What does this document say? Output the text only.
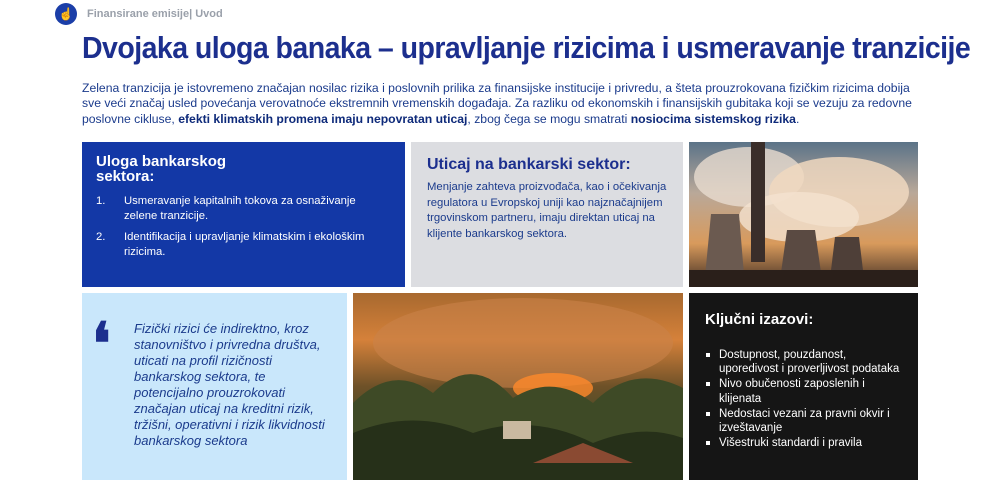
☝	Finansirane emisije| Uvod
Dvojaka uloga banaka – upravljanje rizicima i usmeravanje tranzicije

Zelena tranzicija je istovremeno značajan nosilac rizika i poslovnih prilika za finansijske institucije i privredu, a šteta prouzrokovana fizičkim rizicima dobija sve veći značaj usled povećanja verovatnoće ekstremnih vremenskih događaja. Za razliku od ekonomskih i finansijskih gubitaka koji se vezuju za redovne poslovne cikluse, efekti klimatskih promena imaju nepovratan uticaj, zbog čega se mogu smatrati nosiocima sistemskog rizika.

Uloga bankarskog sektora:
1.	Usmeravanje kapitalnih tokova za osnaživanje zelene tranzicije.
2.	Identifikacija i upravljanje klimatskim i ekološkim rizicima.
Uticaj na bankarski sektor:

Menjanje zahteva proizvođača, kao i očekivanja regulatora u Evropskoj uniji kao najznačajnijem trgovinskom partneru, imaju direktan uticaj na klijente bankarskog sektora.

❛ Fizički rizici će indirektno, kroz stanovništvo i privredna društva, uticati na profil rizičnosti bankarskog sektora, te potencijalno prouzrokovati značajan uticaj na kreditni rizik, tržišni, operativni i rizik likvidnosti bankarskog sektora

Ključni izazovi:
Dostupnost, pouzdanost, uporedivost i proverljivost podataka
Nivo obučenosti zaposlenih i klijenata
Nedostaci vezani za pravni okvir i izveštavanje
Višestruki standardi i pravila
